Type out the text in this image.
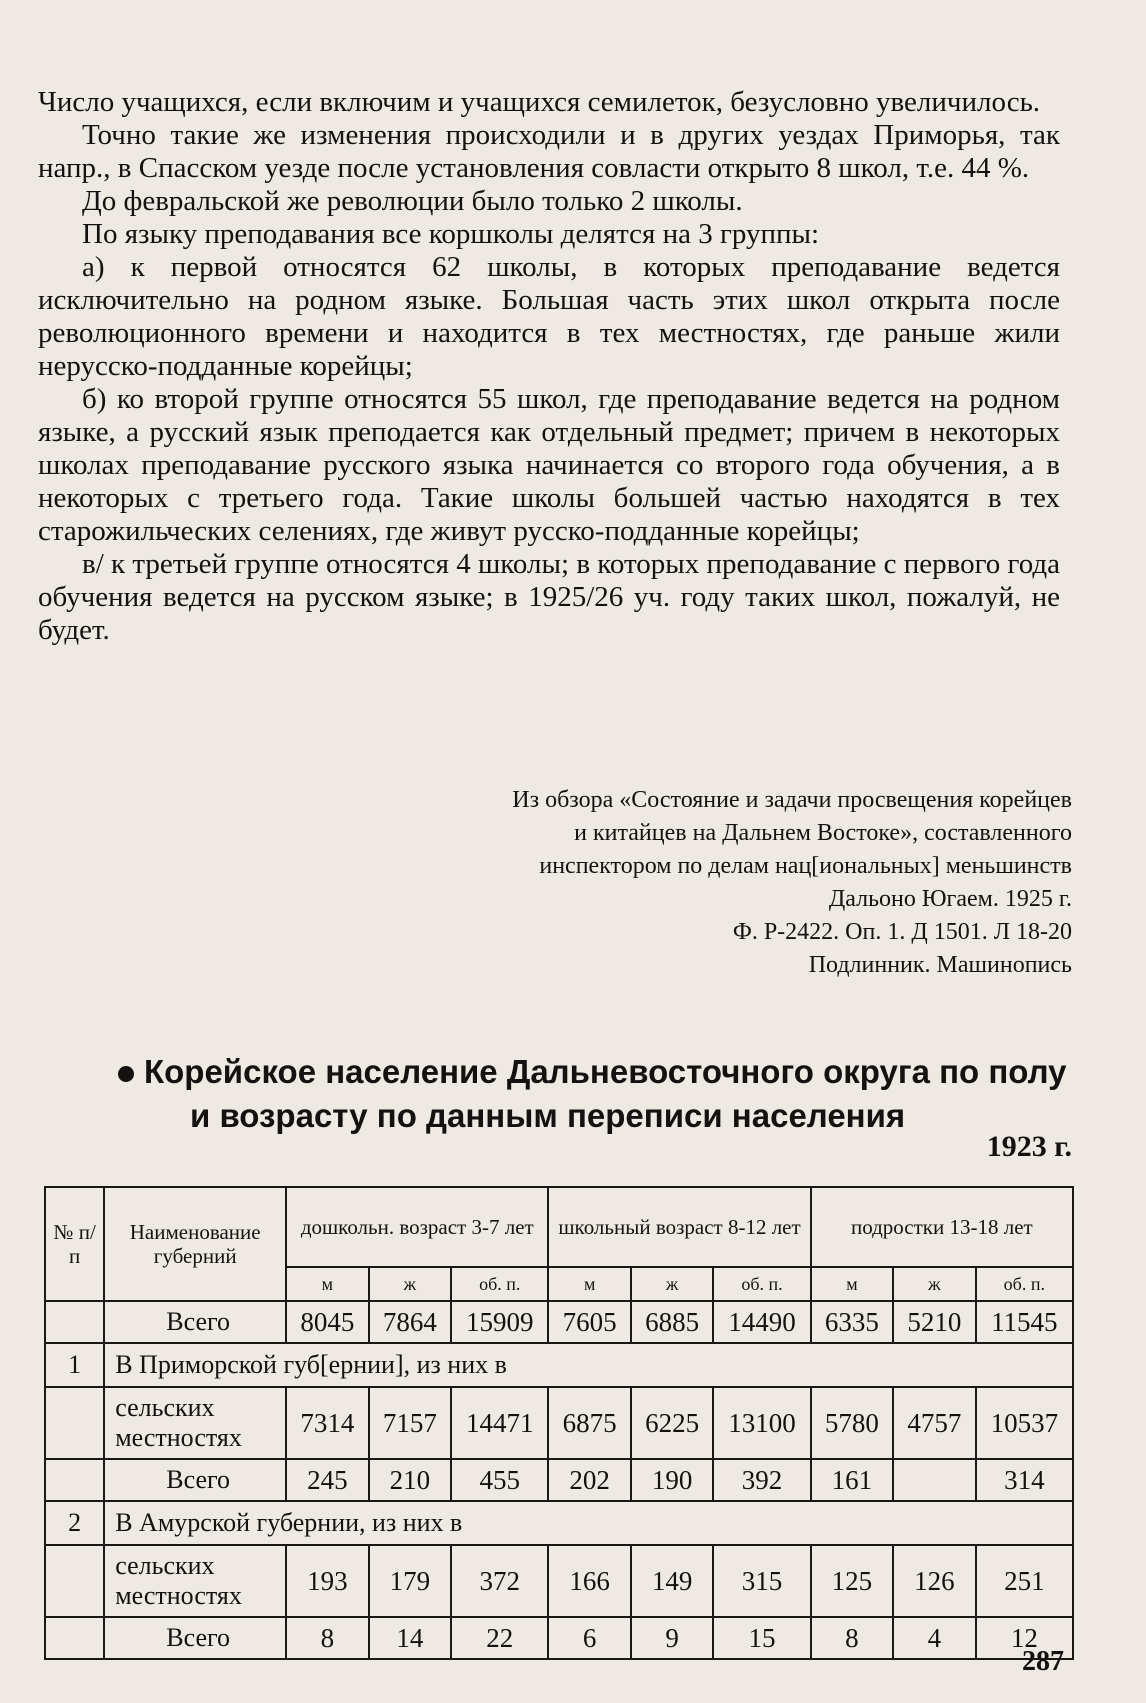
Число учащихся, если включим и учащихся семилеток, безусловно увеличилось.

Точно такие же изменения происходили и в других уездах Приморья, так напр., в Спасском уезде после установления совласти открыто 8 школ, т.е. 44 %.

До февральской же революции было только 2 школы.

По языку преподавания все коршколы делятся на 3 группы:

а) к первой относятся 62 школы, в которых преподавание ведется исключительно на родном языке. Большая часть этих школ открыта после революционного времени и находится в тех местностях, где раньше жили нерусско-подданные корейцы;

б) ко второй группе относятся 55 школ, где преподавание ведется на родном языке, а русский язык преподается как отдельный предмет; причем в некоторых школах преподавание русского языка начинается со второго года обучения, а в некоторых с третьего года. Такие школы большей частью находятся в тех старожильческих селениях, где живут русско-подданные корейцы;

в/ к третьей группе относятся 4 школы; в которых преподавание с первого года обучения ведется на русском языке; в 1925/26 уч. году таких школ, пожалуй, не будет.

Из обзора «Состояние и задачи просвещения корейцев
и китайцев на Дальнем Востоке», составленного
инспектором по делам нац[иональных] меньшинств
Дальоно Югаем. 1925 г.
Ф. Р-2422. Оп. 1. Д 1501. Л 18-20
Подлинник. Машинопись
Корейское население Дальневосточного округа по полу
и возрасту по данным переписи населения
1923 г.
№ п/п	Наименование губерний	дошкольн. возраст 3-7 лет			школьный возраст 8-12 лет			подростки 13-18 лет		
		м	ж	об. п.	м	ж	об. п.	м	ж	об. п.
	Всего	8045	7864	15909	7605	6885	14490	6335	5210	11545
1	В Приморской губ[ернии], из них в									
	сельских местностях	7314	7157	14471	6875	6225	13100	5780	4757	10537
	Всего	245	210	455	202	190	392	161		314
2	В Амурской губернии, из них в									
	сельских местностях	193	179	372	166	149	315	125	126	251
	Всего	8	14	22	6	9	15	8	4	12
287
